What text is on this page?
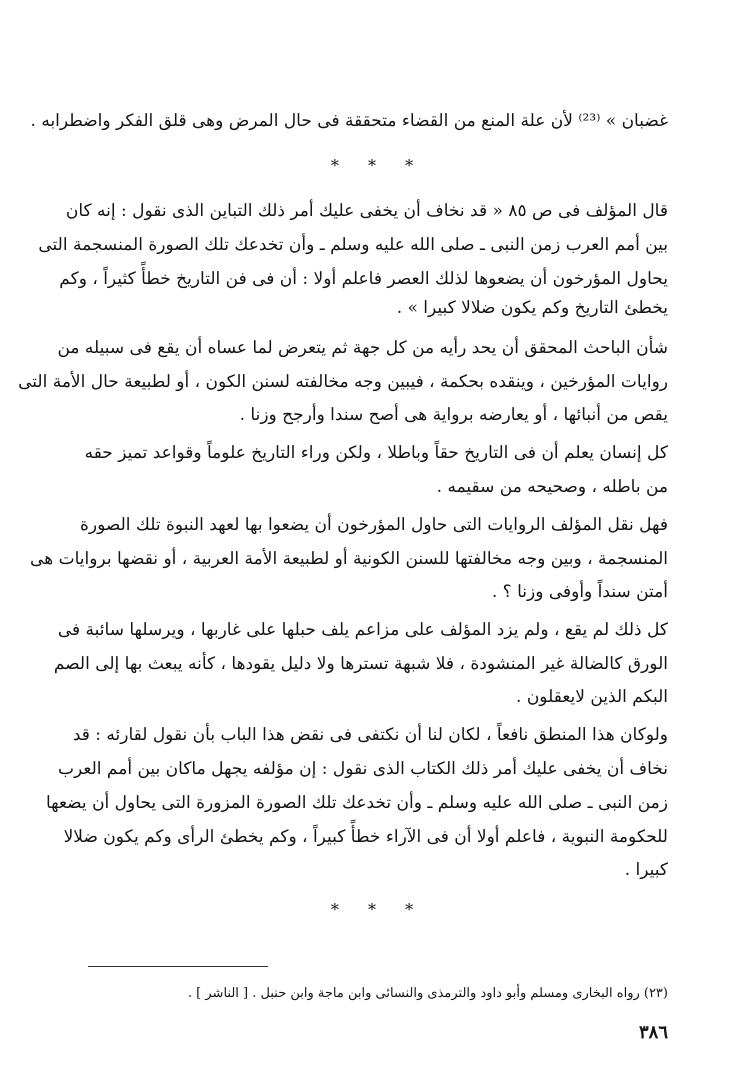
غضبان » ⁽²³⁾ لأن علة المنع من القضاء متحققة فى حال المرض وهى قلق الفكر واضطرابه .
* * *
قال المؤلف فى ص ٨٥ « قد نخاف أن يخفى عليك أمر ذلك التباين الذى نقول : إنه كان
بين أمم العرب زمن النبى ـ صلى الله عليه وسلم ـ وأن تخدعك تلك الصورة المنسجمة التى
يحاول المؤرخون أن يضعوها لذلك العصر فاعلم أولا : أن فى فن التاريخ خطأً كثيراً ، وكم
يخطئ التاريخ وكم يكون ضلالا كبيرا » .
شأن الباحث المحقق أن يحد رأيه من كل جهة ثم يتعرض لما عساه أن يقع فى سبيله من
روايات المؤرخين ، وينقده بحكمة ، فيبين وجه مخالفته لسنن الكون ، أو لطبيعة حال الأمة التى
يقص من أنبائها ، أو يعارضه برواية هى أصح سندا وأرجح وزنا .
كل إنسان يعلم أن فى التاريخ حقاً وباطلا ، ولكن وراء التاريخ علوماً وقواعد تميز حقه
من باطله ، وصحيحه من سقيمه .
فهل نقل المؤلف الروايات التى حاول المؤرخون أن يضعوا بها لعهد النبوة تلك الصورة
المنسجمة ، وبين وجه مخالفتها للسنن الكونية أو لطبيعة الأمة العربية ، أو نقضها بروايات هى
أمتن سنداً وأوفى وزنا ؟ .
كل ذلك لم يقع ، ولم يزد المؤلف على مزاعم يلف حبلها على غاربها ، ويرسلها سائبة فى
الورق كالضالة غير المنشودة ، فلا شبهة تسترها ولا دليل يقودها ، كأنه يبعث بها إلى الصم
البكم الذين لايعقلون .
ولوكان هذا المنطق نافعاً ، لكان لنا أن نكتفى فى نقض هذا الباب بأن نقول لقارئه : قد
نخاف أن يخفى عليك أمر ذلك الكتاب الذى نقول : إن مؤلفه يجهل ماكان بين أمم العرب
زمن النبى ـ صلى الله عليه وسلم ـ وأن تخدعك تلك الصورة المزورة التى يحاول أن يضعها
للحكومة النبوية ، فاعلم أولا أن فى الآراء خطأً كبيراً ، وكم يخطئ الرأى وكم يكون ضلالا
كبيرا .
* * *
(٢٣) رواه البخارى ومسلم وأبو داود والترمذى والنسائى وابن ماجة وابن حنبل . [ الناشر ] .
٣٨٦
